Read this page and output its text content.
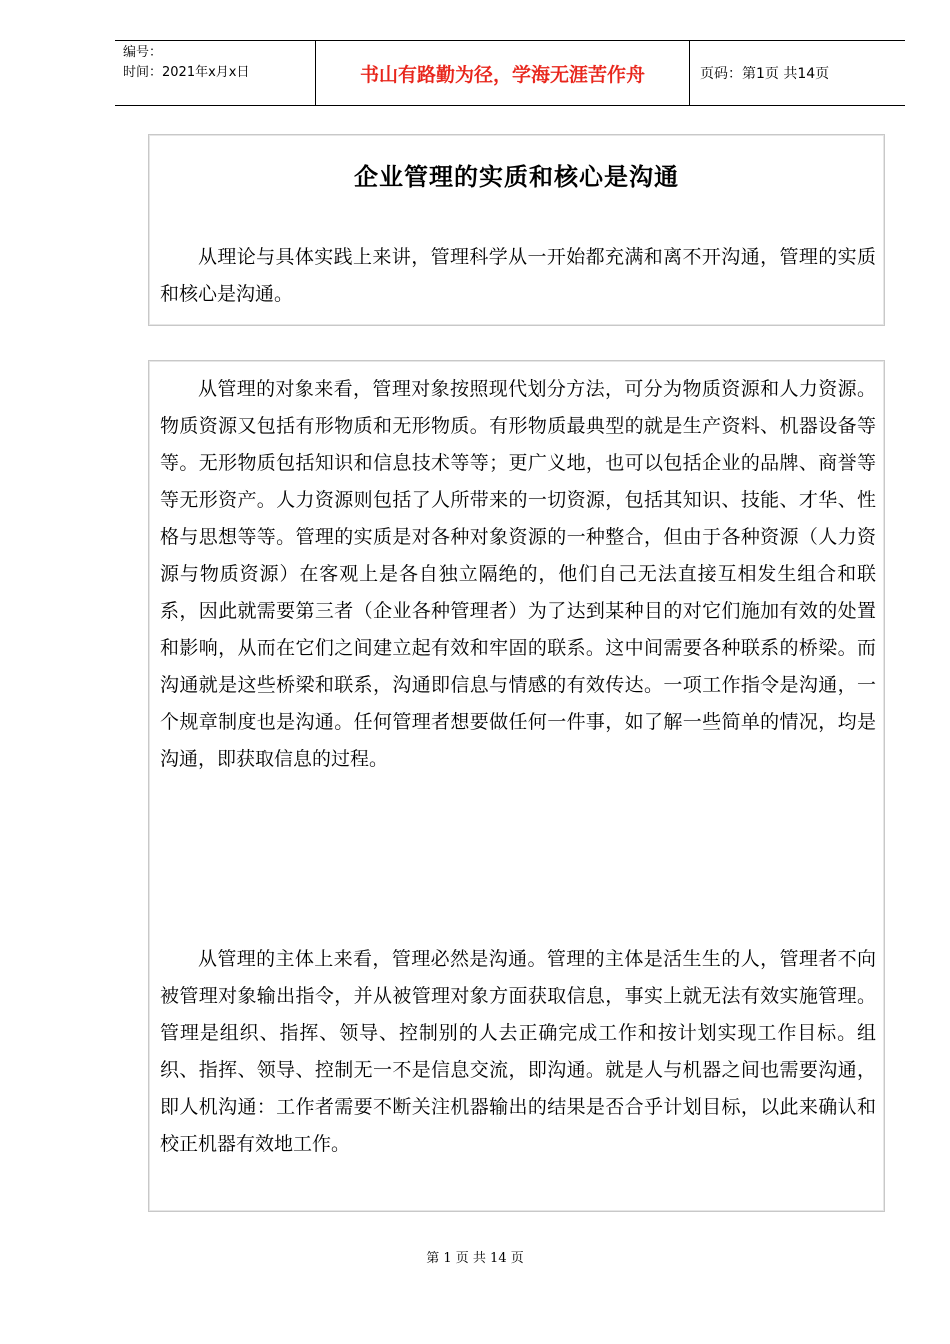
编号：
时间：2021年x月x日	书山有路勤为径，学海无涯苦作舟	页码：第1页 共14页
企业管理的实质和核心是沟通

从理论与具体实践上来讲，管理科学从一开始都充满和离不开沟通，管理的实质和核心是沟通。

从管理的对象来看，管理对象按照现代划分方法，可分为物质资源和人力资源。物质资源又包括有形物质和无形物质。有形物质最典型的就是生产资料、机器设备等等。无形物质包括知识和信息技术等等；更广义地，也可以包括企业的品牌、商誉等等无形资产。人力资源则包括了人所带来的一切资源，包括其知识、技能、才华、性格与思想等等。管理的实质是对各种对象资源的一种整合，但由于各种资源（人力资源与物质资源）在客观上是各自独立隔绝的，他们自己无法直接互相发生组合和联系，因此就需要第三者（企业各种管理者）为了达到某种目的对它们施加有效的处置和影响，从而在它们之间建立起有效和牢固的联系。这中间需要各种联系的桥梁。而沟通就是这些桥梁和联系，沟通即信息与情感的有效传达。一项工作指令是沟通，一个规章制度也是沟通。任何管理者想要做任何一件事，如了解一些简单的情况，均是沟通，即获取信息的过程。

从管理的主体上来看，管理必然是沟通。管理的主体是活生生的人，管理者不向被管理对象输出指令，并从被管理对象方面获取信息，事实上就无法有效实施管理。管理是组织、指挥、领导、控制别的人去正确完成工作和按计划实现工作目标。组织、指挥、领导、控制无一不是信息交流，即沟通。就是人与机器之间也需要沟通，即人机沟通：工作者需要不断关注机器输出的结果是否合乎计划目标，以此来确认和校正机器有效地工作。

第 1 页 共 14 页
